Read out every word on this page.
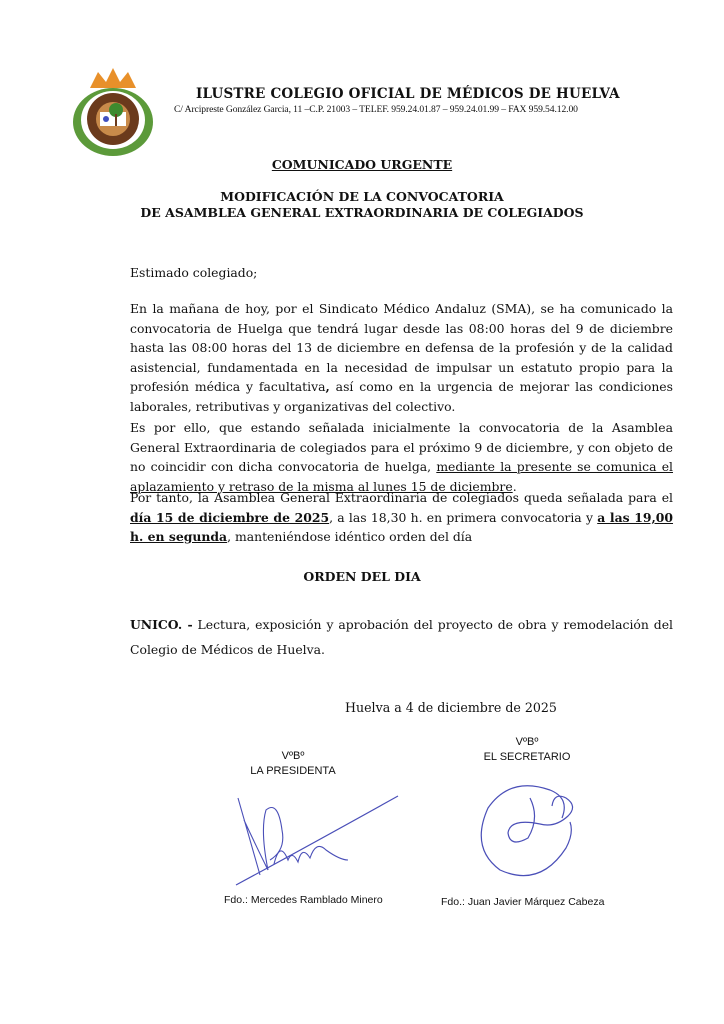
ILUSTRE COLEGIO OFICIAL DE MÉDICOS DE HUELVA
C/ Arcipreste González Garcia, 11 –C.P. 21003 – TELEF. 959.24.01.87 – 959.24.01.99 – FAX 959.54.12.00
COMUNICADO URGENTE
MODIFICACIÓN DE LA CONVOCATORIA
DE ASAMBLEA GENERAL EXTRAORDINARIA DE COLEGIADOS

Estimado colegiado;

En la mañana de hoy, por el Sindicato Médico Andaluz (SMA), se ha comunicado la convocatoria de Huelga que tendrá lugar desde las 08:00 horas del 9 de diciembre hasta las 08:00 horas del 13 de diciembre en defensa de la profesión y de la calidad asistencial, fundamentada en la necesidad de impulsar un estatuto propio para la profesión médica y facultativa, así como en la urgencia de mejorar las condiciones laborales, retributivas y organizativas del colectivo.

Es por ello, que estando señalada inicialmente la convocatoria de la Asamblea General Extraordinaria de colegiados para el próximo 9 de diciembre, y con objeto de no coincidir con dicha convocatoria de huelga, mediante la presente se comunica el aplazamiento y retraso de la misma al lunes 15 de diciembre.

Por tanto, la Asamblea General Extraordinaria de colegiados queda señalada para el día 15 de diciembre de 2025, a las 18,30 h. en primera convocatoria y a las 19,00 h. en segunda, manteniéndose idéntico orden del día

ORDEN DEL DIA

UNICO. - Lectura, exposición y aprobación del proyecto de obra y remodelación del Colegio de Médicos de Huelva.

Huelva a 4 de diciembre de 2025
VºBº
LA PRESIDENTA
VºBº
EL SECRETARIO
Fdo.: Mercedes Ramblado Minero	Fdo.: Juan Javier Márquez Cabeza
